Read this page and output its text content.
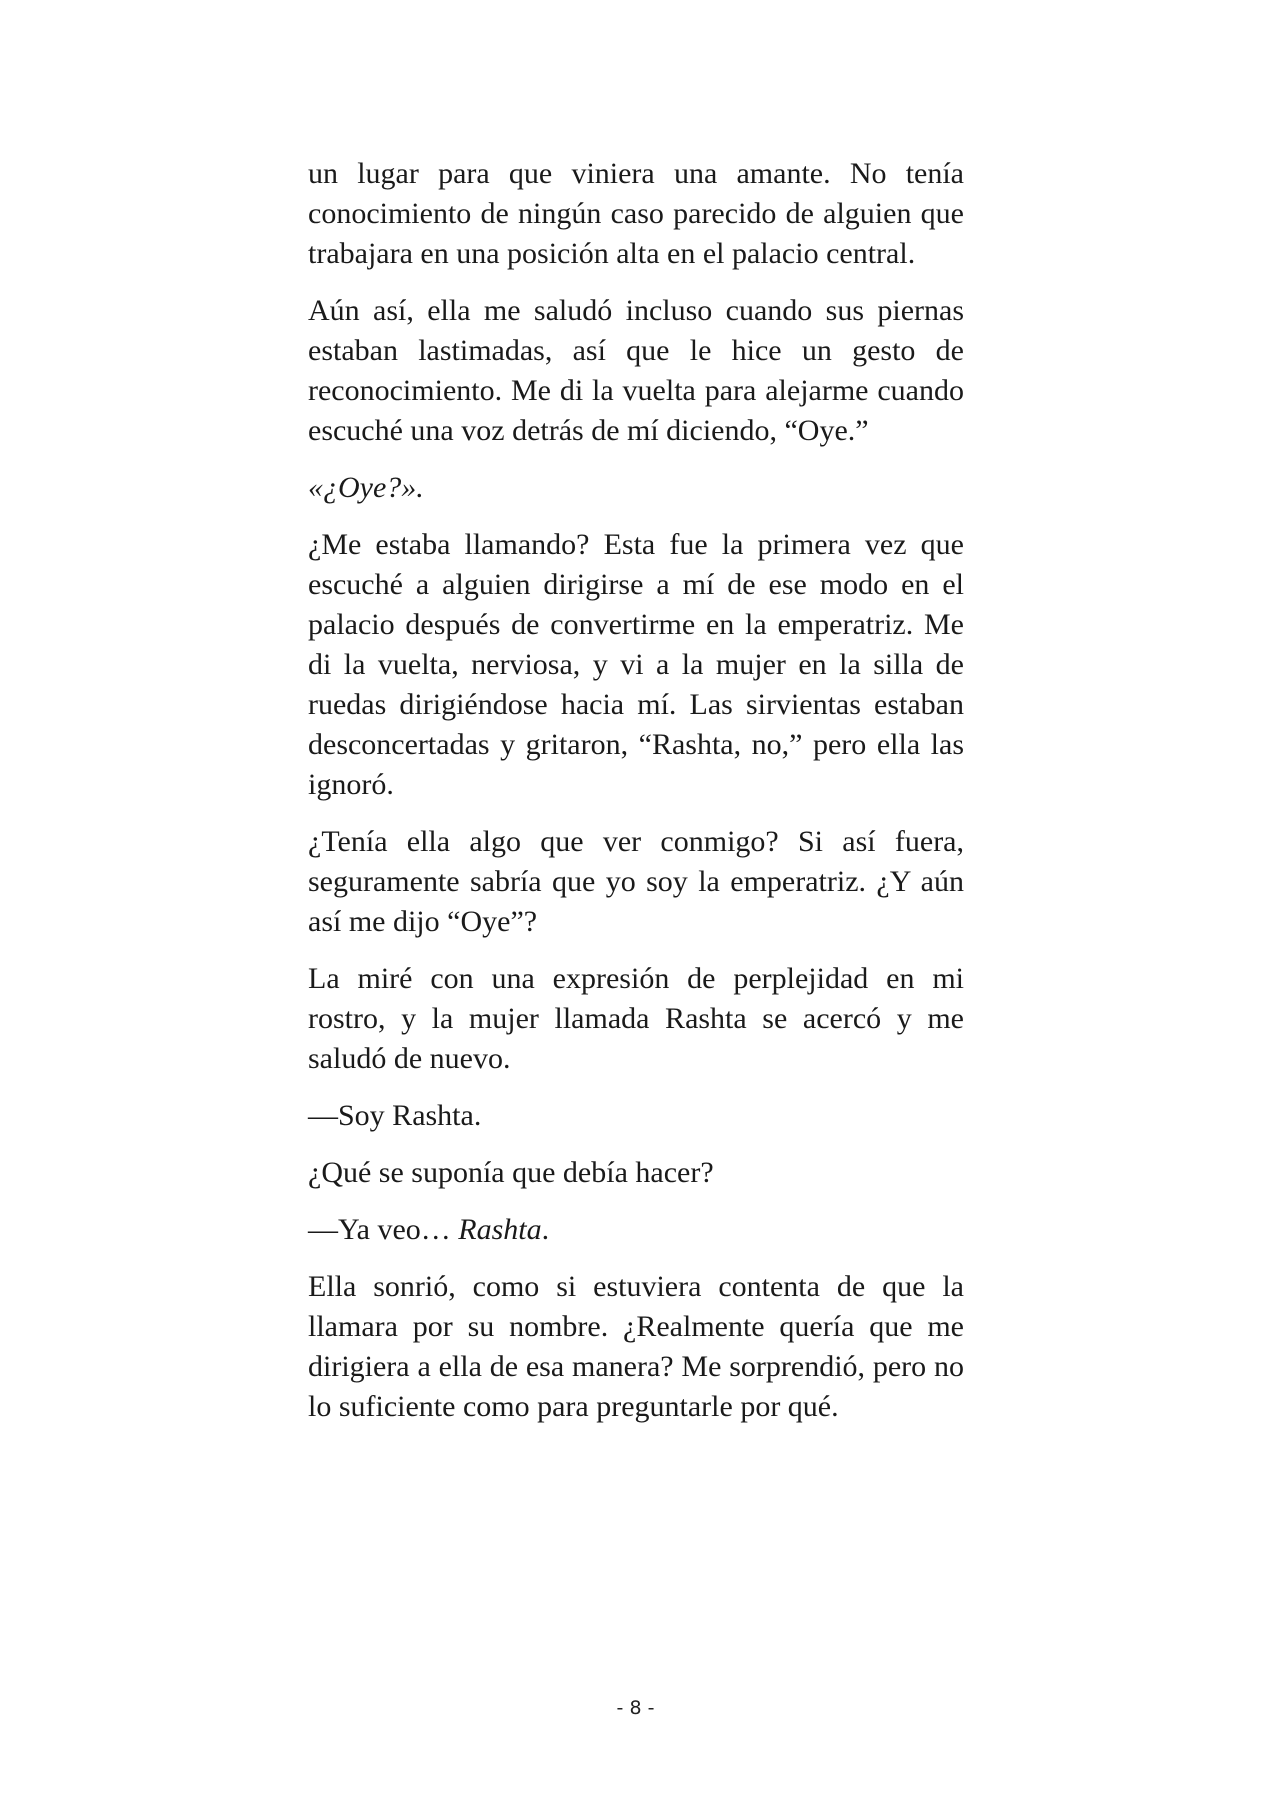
un lugar para que viniera una amante. No tenía conocimiento de ningún caso parecido de alguien que trabajara en una posición alta en el palacio central.

Aún así, ella me saludó incluso cuando sus piernas estaban lastimadas, así que le hice un gesto de reconocimiento. Me di la vuelta para alejarme cuando escuché una voz detrás de mí diciendo, “Oye.”

«¿Oye?».

¿Me estaba llamando? Esta fue la primera vez que escuché a alguien dirigirse a mí de ese modo en el palacio después de convertirme en la emperatriz. Me di la vuelta, nerviosa, y vi a la mujer en la silla de ruedas dirigiéndose hacia mí. Las sirvientas estaban desconcertadas y gritaron, “Rashta, no,” pero ella las ignoró.

¿Tenía ella algo que ver conmigo? Si así fuera, seguramente sabría que yo soy la emperatriz. ¿Y aún así me dijo “Oye”?

La miré con una expresión de perplejidad en mi rostro, y la mujer llamada Rashta se acercó y me saludó de nuevo.

—Soy Rashta.

¿Qué se suponía que debía hacer?

—Ya veo… Rashta.

Ella sonrió, como si estuviera contenta de que la llamara por su nombre. ¿Realmente quería que me dirigiera a ella de esa manera? Me sorprendió, pero no lo suficiente como para preguntarle por qué.

- 8 -
